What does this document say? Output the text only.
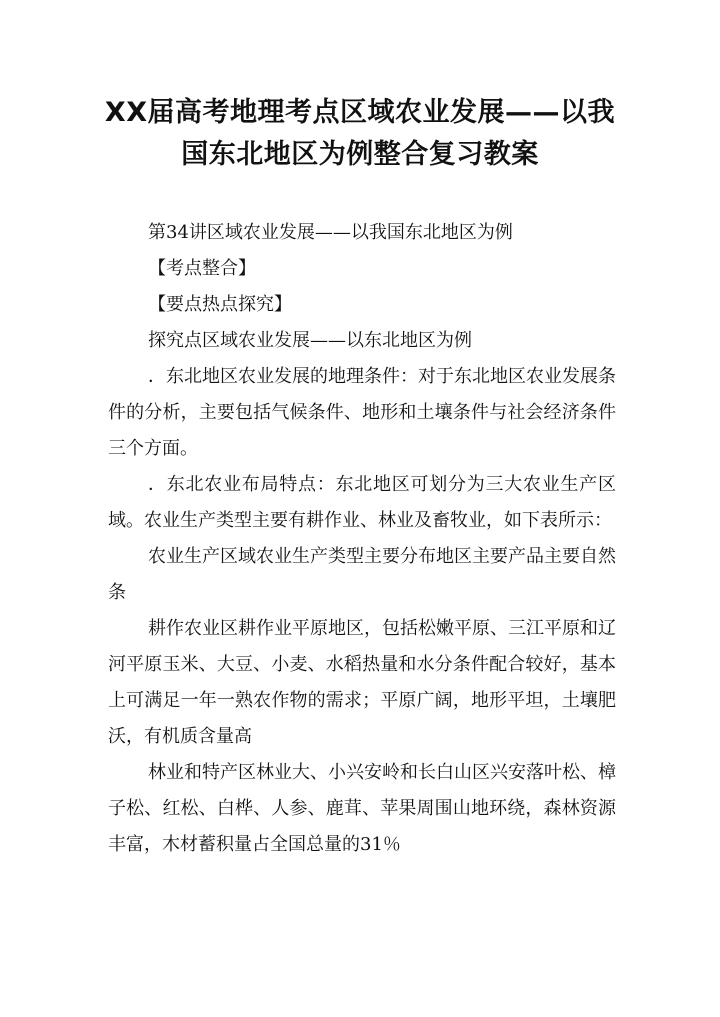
XX届高考地理考点区域农业发展——以我
国东北地区为例整合复习教案

第34讲区域农业发展——以我国东北地区为例

【考点整合】

【要点热点探究】

探究点区域农业发展——以东北地区为例

．东北地区农业发展的地理条件：对于东北地区农业发展条件的分析，主要包括气候条件、地形和土壤条件与社会经济条件三个方面。

．东北农业布局特点：东北地区可划分为三大农业生产区域。农业生产类型主要有耕作业、林业及畜牧业，如下表所示：

农业生产区域农业生产类型主要分布地区主要产品主要自然条

耕作农业区耕作业平原地区，包括松嫩平原、三江平原和辽河平原玉米、大豆、小麦、水稻热量和水分条件配合较好，基本上可满足一年一熟农作物的需求；平原广阔，地形平坦，土壤肥沃，有机质含量高

林业和特产区林业大、小兴安岭和长白山区兴安落叶松、樟子松、红松、白桦、人参、鹿茸、苹果周围山地环绕，森林资源丰富，木材蓄积量占全国总量的31％
